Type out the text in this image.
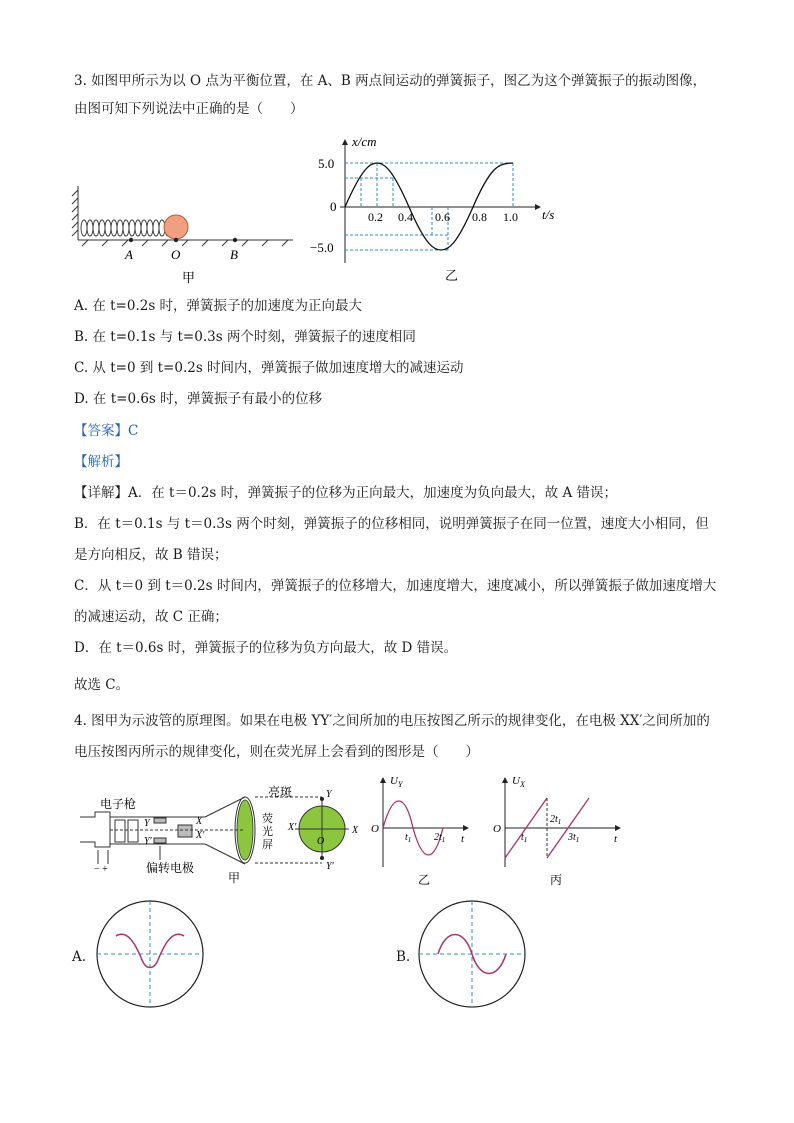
3. 如图甲所示为以 O 点为平衡位置，在 A、B 两点间运动的弹簧振子，图乙为这个弹簧振子的振动图像，
由图可知下列说法中正确的是（　　）
A	O	B
甲
x/cm
t/s
5.0
0
−5.0
0.2 0.4 0.6 0.8 1.0
乙
A. 在 t=0.2s 时，弹簧振子的加速度为正向最大
B. 在 t=0.1s 与 t=0.3s 两个时刻，弹簧振子的速度相同
C. 从 t=0 到 t=0.2s 时间内，弹簧振子做加速度增大的减速运动
D. 在 t=0.6s 时，弹簧振子有最小的位移
【答案】C
【解析】
【详解】A．在 t＝0.2s 时，弹簧振子的位移为正向最大，加速度为负向最大，故 A 错误；
B．在 t＝0.1s 与 t＝0.3s 两个时刻，弹簧振子的位移相同，说明弹簧振子在同一位置，速度大小相同，但
是方向相反，故 B 错误；
C．从 t＝0 到 t＝0.2s 时间内，弹簧振子的位移增大，加速度增大，速度减小，所以弹簧振子做加速度增大
的减速运动，故 C 正确；
D．在 t＝0.6s 时，弹簧振子的位移为负方向最大，故 D 错误。
故选 C。
4. 图甲为示波管的原理图。如果在电极 YY′之间所加的电压按图乙所示的规律变化，在电极 XX′之间所加的
电压按图丙所示的规律变化，则在荧光屏上会看到的图形是（　　）
电子枪
Y
Y′
X
X′
偏转电极
− +
亮斑
荧
光
屏
X′
Y
Y′
X
O
甲
$U_Y$
t
O
$t_1$ $2t_1$
乙
$U_X$
t
O
$t_1$
$2t_1$
$3t_1$
丙
A.	B.
